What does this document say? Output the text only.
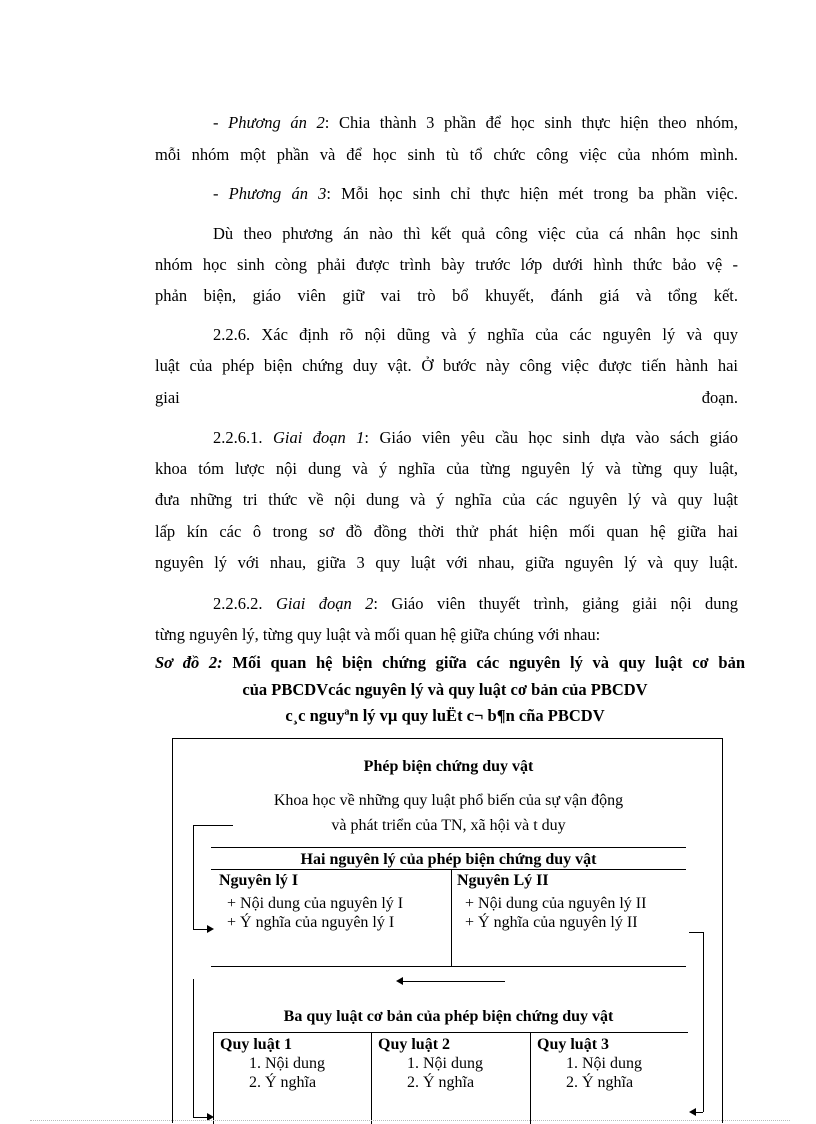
- Phương án 2: Chia thành 3 phần để học sinh thực hiện theo nhóm,
mỗi nhóm một phần và để học sinh tù tổ chức công việc của nhóm mình.
- Phương án 3: Mỗi học sinh chỉ thực hiện mét trong ba phần việc.
Dù theo phương án nào thì kết quả công việc của cá nhân học sinh
nhóm học sinh còng phải được trình bày trước lớp dưới hình thức bảo vệ -
phản biện, giáo viên giữ vai trò bổ khuyết, đánh giá và tổng kết.
2.2.6. Xác định rõ nội dũng và ý nghĩa của các nguyên lý và quy
luật của phép biện chứng duy vật. Ở bước này công việc được tiến hành hai
giai	đoạn.
2.2.6.1. Giai đoạn 1: Giáo viên yêu cầu học sinh dựa vào sách giáo
khoa tóm lược nội dung và ý nghĩa của từng nguyên lý và từng quy luật,
đưa những tri thức về nội dung và ý nghĩa của các nguyên lý và quy luật
lấp kín các ô trong sơ đồ đồng thời thử phát hiện mối quan hệ giữa hai
nguyên lý với nhau, giữa 3 quy luật với nhau, giữa nguyên lý và quy luật.
2.2.6.2. Giai đoạn 2: Giáo viên thuyết trình, giảng giải nội dung
từng nguyên lý, từng quy luật và mối quan hệ giữa chúng với nhau:
Sơ đồ 2: Mối quan hệ biện chứng giữa các nguyên lý và quy luật cơ bản
của PBCDVcác nguyên lý và quy luật cơ bản của PBCDV
c¸c nguyªn lý vµ quy luËt c¬ b¶n cña PBCDV
Phép biện chứng duy vật
Khoa học về những quy luật phổ biến của sự vận động
và phát triển của TN, xã hội và t duy
Hai nguyên lý của phép biện chứng duy vật
Nguyên lý I
+ Nội dung của nguyên lý I
+ Ý nghĩa của nguyên lý I
Nguyên Lý II
+ Nội dung của nguyên lý II
+ Ý nghĩa của nguyên lý II
Ba quy luật cơ bản của phép biện chứng duy vật
Quy luật 1
1. Nội dung
2. Ý nghĩa
Quy luật 2
1. Nội dung
2. Ý nghĩa
Quy luật 3
1. Nội dung
2. Ý nghĩa
